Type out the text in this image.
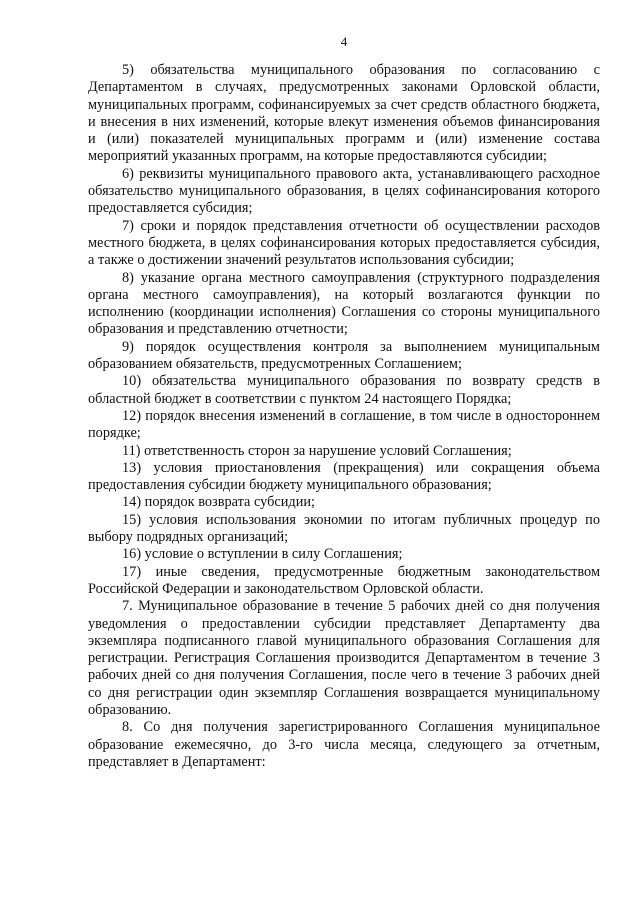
4

5) обязательства муниципального образования по согласованию с Департаментом в случаях, предусмотренных законами Орловской области, муниципальных программ, софинансируемых за счет средств областного бюджета, и внесения в них изменений, которые влекут изменения объемов финансирования и (или) показателей муниципальных программ и (или) изменение состава мероприятий указанных программ, на которые предоставляются субсидии;

6) реквизиты муниципального правового акта, устанавливающего расходное обязательство муниципального образования, в целях софинансирования которого предоставляется субсидия;

7) сроки и порядок представления отчетности об осуществлении расходов местного бюджета, в целях софинансирования которых предоставляется субсидия, а также о достижении значений результатов использования субсидии;

8) указание органа местного самоуправления (структурного подразделения органа местного самоуправления), на который возлагаются функции по исполнению (координации исполнения) Соглашения со стороны муниципального образования и представлению отчетности;

9) порядок осуществления контроля за выполнением муниципальным образованием обязательств, предусмотренных Соглашением;

10) обязательства муниципального образования по возврату средств в областной бюджет в соответствии с пунктом 24 настоящего Порядка;

12) порядок внесения изменений в соглашение, в том числе в одностороннем порядке;

11) ответственность сторон за нарушение условий Соглашения;

13) условия приостановления (прекращения) или сокращения объема предоставления субсидии бюджету муниципального образования;

14) порядок возврата субсидии;

15) условия использования экономии по итогам публичных процедур по выбору подрядных организаций;

16) условие о вступлении в силу Соглашения;

17) иные сведения, предусмотренные бюджетным законодательством Российской Федерации и законодательством Орловской области.

7. Муниципальное образование в течение 5 рабочих дней со дня получения уведомления о предоставлении субсидии представляет Департаменту два экземпляра подписанного главой муниципального образования Соглашения для регистрации. Регистрация Соглашения производится Департаментом в течение 3 рабочих дней со дня получения Соглашения, после чего в течение 3 рабочих дней со дня регистрации один экземпляр Соглашения возвращается муниципальному образованию.

8. Со дня получения зарегистрированного Соглашения муниципальное образование ежемесячно, до 3-го числа месяца, следующего за отчетным, представляет в Департамент:
